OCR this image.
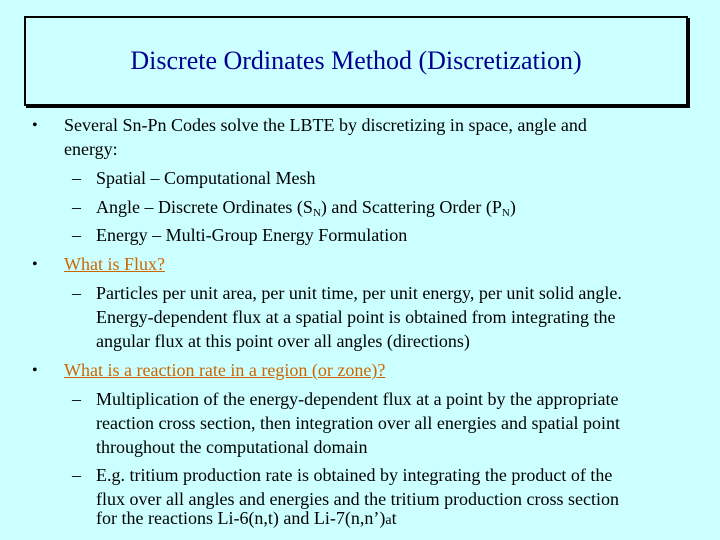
Discrete Ordinates Method (Discretization)
• Several Sn-Pn Codes solve the LBTE by discretizing in space, angle and
energy:
– Spatial – Computational Mesh
– Angle – Discrete Ordinates $(S_N)$ and Scattering Order $(P_N)$
– Energy – Multi-Group Energy Formulation
• What is Flux?
– Particles per unit area, per unit time, per unit energy, per unit solid angle.
Energy-dependent flux at a spatial point is obtained from integrating the
angular flux at this point over all angles (directions)
• What is a reaction rate in a region (or zone)?
– Multiplication of the energy-dependent flux at a point by the appropriate
reaction cross section, then integration over all energies and spatial point
throughout the computational domain
– E.g. tritium production rate is obtained by integrating the product of the
flux over all angles and energies and the tritium production cross section
for the reactions Li-6(n,t) and Li-7(n,n’)at
